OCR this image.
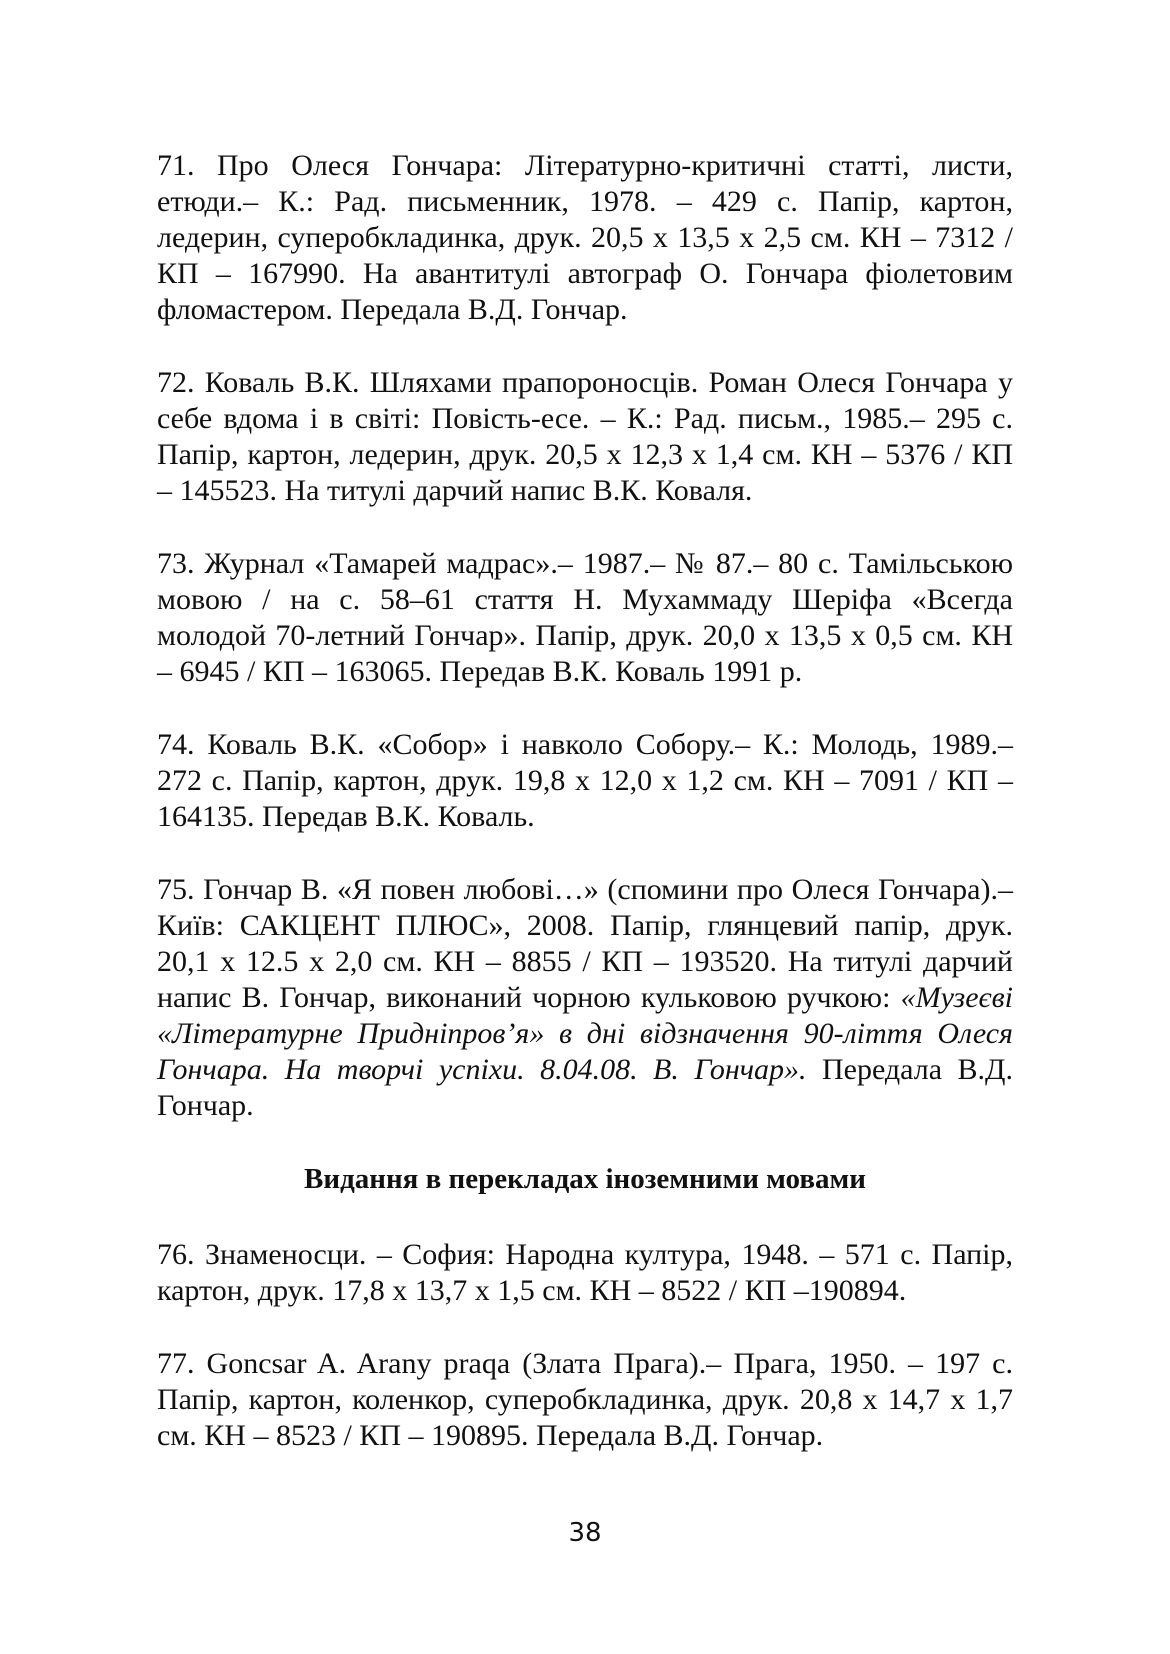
71. Про Олеся Гончара: Літературно-критичні статті, листи, етюди.– К.: Рад. письменник, 1978. – 429 с. Папір, картон, ледерин, суперобкладинка, друк. 20,5 х 13,5 х 2,5 см. КН – 7312 / КП – 167990. На авантитулі автограф О. Гончара фіолетовим фломастером. Передала В.Д. Гончар.

72. Коваль В.К. Шляхами прапороносців. Роман Олеся Гончара у себе вдома і в світі: Повість-есе. – К.: Рад. письм., 1985.– 295 с. Папір, картон, ледерин, друк. 20,5 х 12,3 х 1,4 см. КН – 5376 / КП – 145523. На титулі дарчий напис В.К. Коваля.

73. Журнал «Тамарей мадрас».– 1987.– № 87.– 80 с. Тамільською мовою / на с. 58–61 стаття Н. Мухаммаду Шеріфа «Всегда молодой 70-летний Гончар». Папір, друк. 20,0 х 13,5 х 0,5 см. КН – 6945 / КП – 163065. Передав В.К. Коваль 1991 р.

74. Коваль В.К. «Собор» і навколо Собору.– К.: Молодь, 1989.– 272 с. Папір, картон, друк. 19,8 х 12,0 х 1,2 см. КН – 7091 / КП – 164135. Передав В.К. Коваль.

75. Гончар В. «Я повен любові…» (спомини про Олеся Гончара).– Київ: САКЦЕНТ ПЛЮС», 2008. Папір, глянцевий папір, друк. 20,1 х 12.5 х 2,0 см. КН – 8855 / КП – 193520. На титулі дарчий напис В. Гончар, виконаний чорною кульковою ручкою: «Музеєві «Літературне Придніпров’я» в дні відзначення 90-ліття Олеся Гончара. На творчі успіхи. 8.04.08. В. Гончар». Передала В.Д. Гончар.

Видання в перекладах іноземними мовами

76. Знаменосци. – София: Народна култура, 1948. – 571 с. Папір, картон, друк. 17,8 х 13,7 х 1,5 см. КН – 8522 / КП –190894.

77. Goncsar A. Arany praqa (Злата Прага).– Прага, 1950. – 197 с. Папір, картон, коленкор, суперобкладинка, друк. 20,8 х 14,7 х 1,7 см. КН – 8523 / КП – 190895. Передала В.Д. Гончар.

38
